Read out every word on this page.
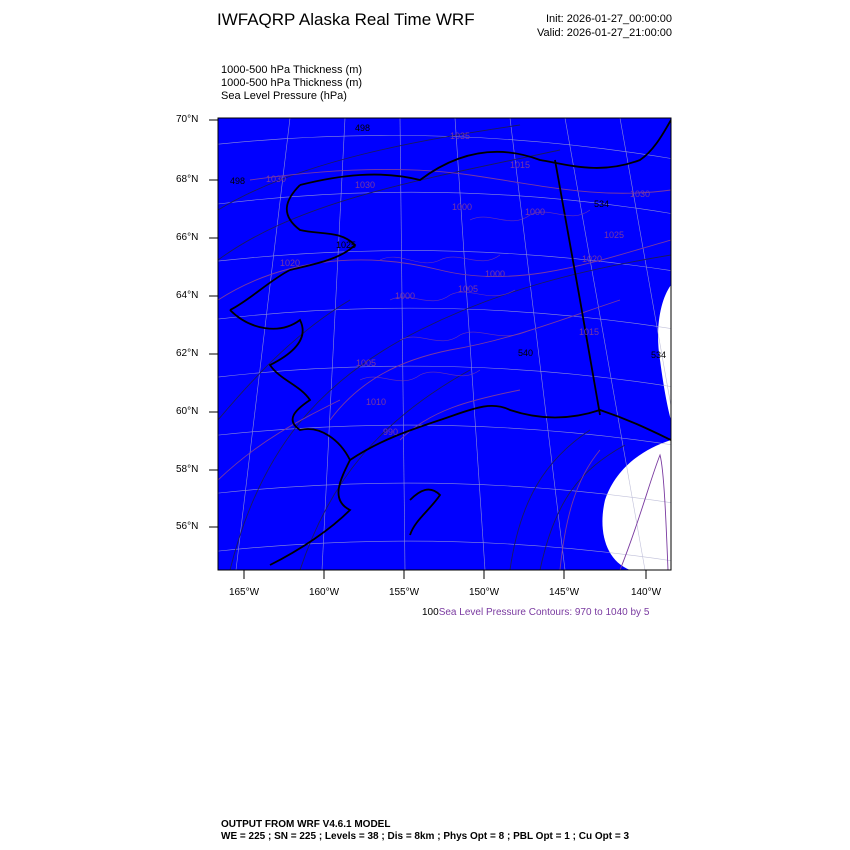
IWFAQRP Alaska Real Time WRF	Init: 2026-01-27_00:00:00
Valid: 2026-01-27_21:00:00
1000-500 hPa Thickness (m)
1000-500 hPa Thickness (m)
Sea Level Pressure (hPa)
498
1035
1030
1030
498
1015
1000	1000
1000
1020
1000
1005
1005
1010
990
540
1015
1020
1025
1030
534
534
1025
70°N
68°N
66°N
64°N
62°N
60°N
58°N
56°N
165°W	160°W	155°W	150°W	145°W	140°W
100Sea Level Pressure Contours: 970 to 1040 by 5
OUTPUT FROM WRF V4.6.1 MODEL
WE = 225 ; SN = 225 ; Levels = 38 ; Dis = 8km ; Phys Opt = 8 ; PBL Opt = 1 ; Cu Opt = 3
